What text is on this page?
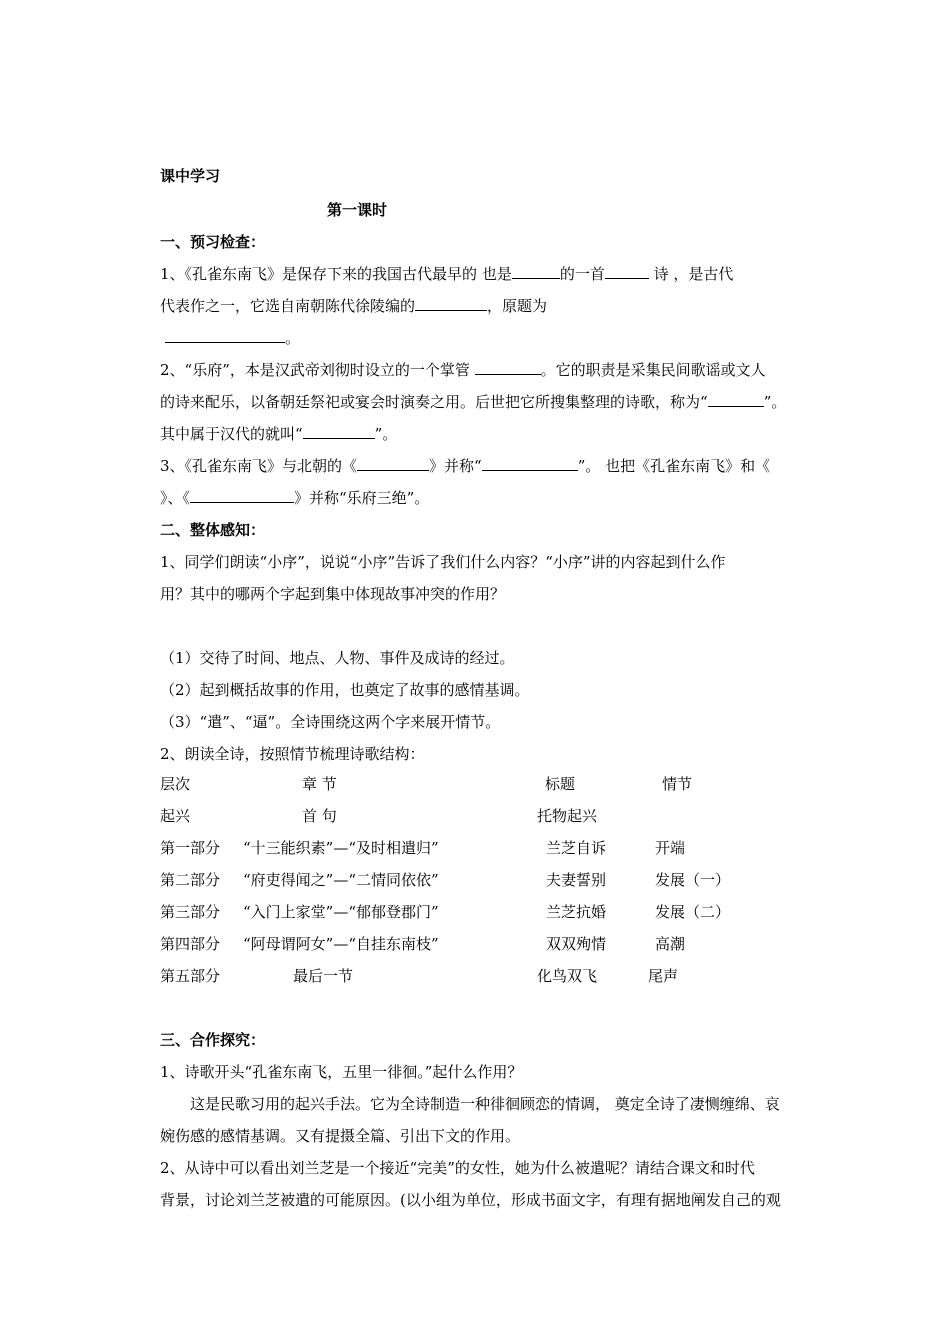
课中学习
第一课时
一、预习检查：
1、《孔雀东南飞》是保存下来的我国古代最早的 也是	的一首	诗 ，是古代
代表作之一，它选自南朝陈代徐陵编的	，原题为
。
2、“乐府”，本是汉武帝刘彻时设立的一个掌管	。它的职责是采集民间歌谣或文人
的诗来配乐，以备朝廷祭祀或宴会时演奏之用。后世把它所搜集整理的诗歌，称为“	”。
其中属于汉代的就叫“	”。
3、《孔雀东南飞》与北朝的《	》并称“	”。 也把《孔雀东南飞》和《
》、《	》并称“乐府三绝”。
二、整体感知：
1、同学们朗读“小序”，说说“小序”告诉了我们什么内容？“小序”讲的内容起到什么作
用？其中的哪两个字起到集中体现故事冲突的作用？
（1）交待了时间、地点、人物、事件及成诗的经过。
（2）起到概括故事的作用，也奠定了故事的感情基调。
（3）“遣”、“逼”。全诗围绕这两个字来展开情节。
2、朗读全诗，按照情节梳理诗歌结构：
层次	章 节	标题	情节
起兴	首 句	托物起兴
第一部分 “十三能织素”—“及时相遣归”	兰芝自诉	开端
第二部分 “府吏得闻之”—“二情同依依”	夫妻誓别	发展（一）
第三部分 “入门上家堂”—“郁郁登郡门”	兰芝抗婚	发展（二）
第四部分 “阿母谓阿女”—“自挂东南枝”	双双殉情	高潮
第五部分	最后一节	化鸟双飞	尾声
三、合作探究：
1、诗歌开头“孔雀东南飞，五里一徘徊。”起什么作用？
这是民歌习用的起兴手法。它为全诗制造一种徘徊顾恋的情调， 奠定全诗了凄恻缠绵、哀
婉伤感的感情基调。又有提摄全篇、引出下文的作用。
2、从诗中可以看出刘兰芝是一个接近“完美”的女性，她为什么被遣呢？请结合课文和时代
背景，讨论刘兰芝被遣的可能原因。(以小组为单位，形成书面文字，有理有据地阐发自己的观
